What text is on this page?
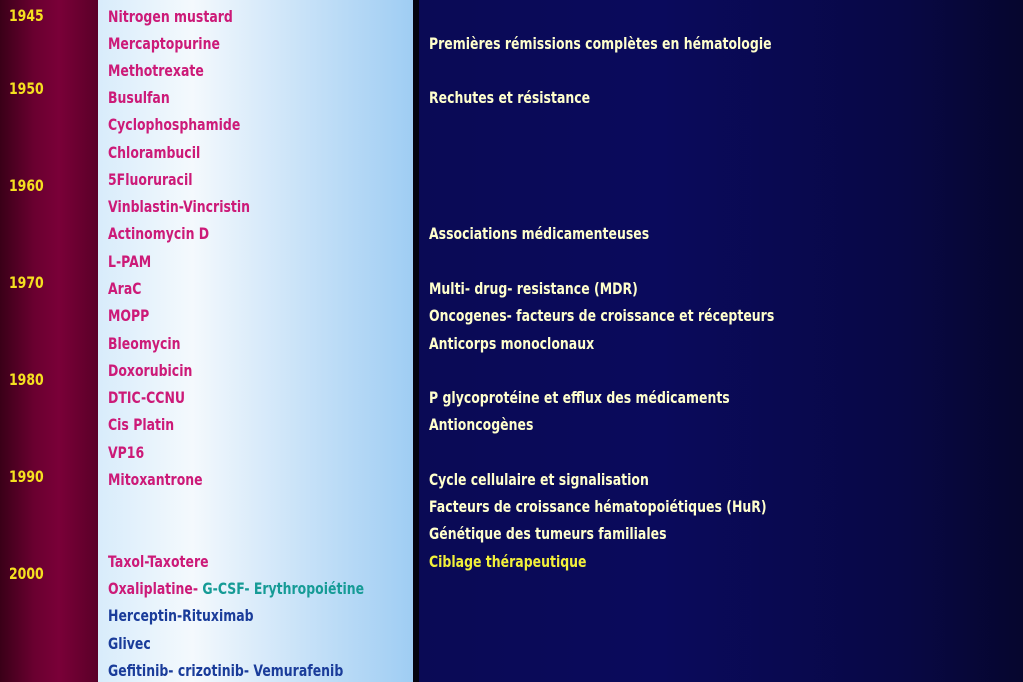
1945
1950
1960
1970
1980
1990
2000
Nitrogen mustard
Mercaptopurine
Methotrexate
Busulfan
Cyclophosphamide
Chlorambucil
5Fluoruracil
Vinblastin-Vincristin
Actinomycin D
L-PAM
AraC
MOPP
Bleomycin
Doxorubicin
DTIC-CCNU
Cis Platin
VP16
Mitoxantrone
Taxol-Taxotere
Oxaliplatine- G-CSF- Erythropoiétine
Herceptin-Rituximab
Glivec
Gefitinib- crizotinib- Vemurafenib
Premières rémissions complètes en hématologie
Rechutes et résistance
Associations médicamenteuses
Multi- drug- resistance (MDR)
Oncogenes- facteurs de croissance et récepteurs
Anticorps monoclonaux
P glycoprotéine et efflux des médicaments
Antioncogènes
Cycle cellulaire et signalisation
Facteurs de croissance hématopoiétiques (HuR)
Génétique des tumeurs familiales
Ciblage thérapeutique
